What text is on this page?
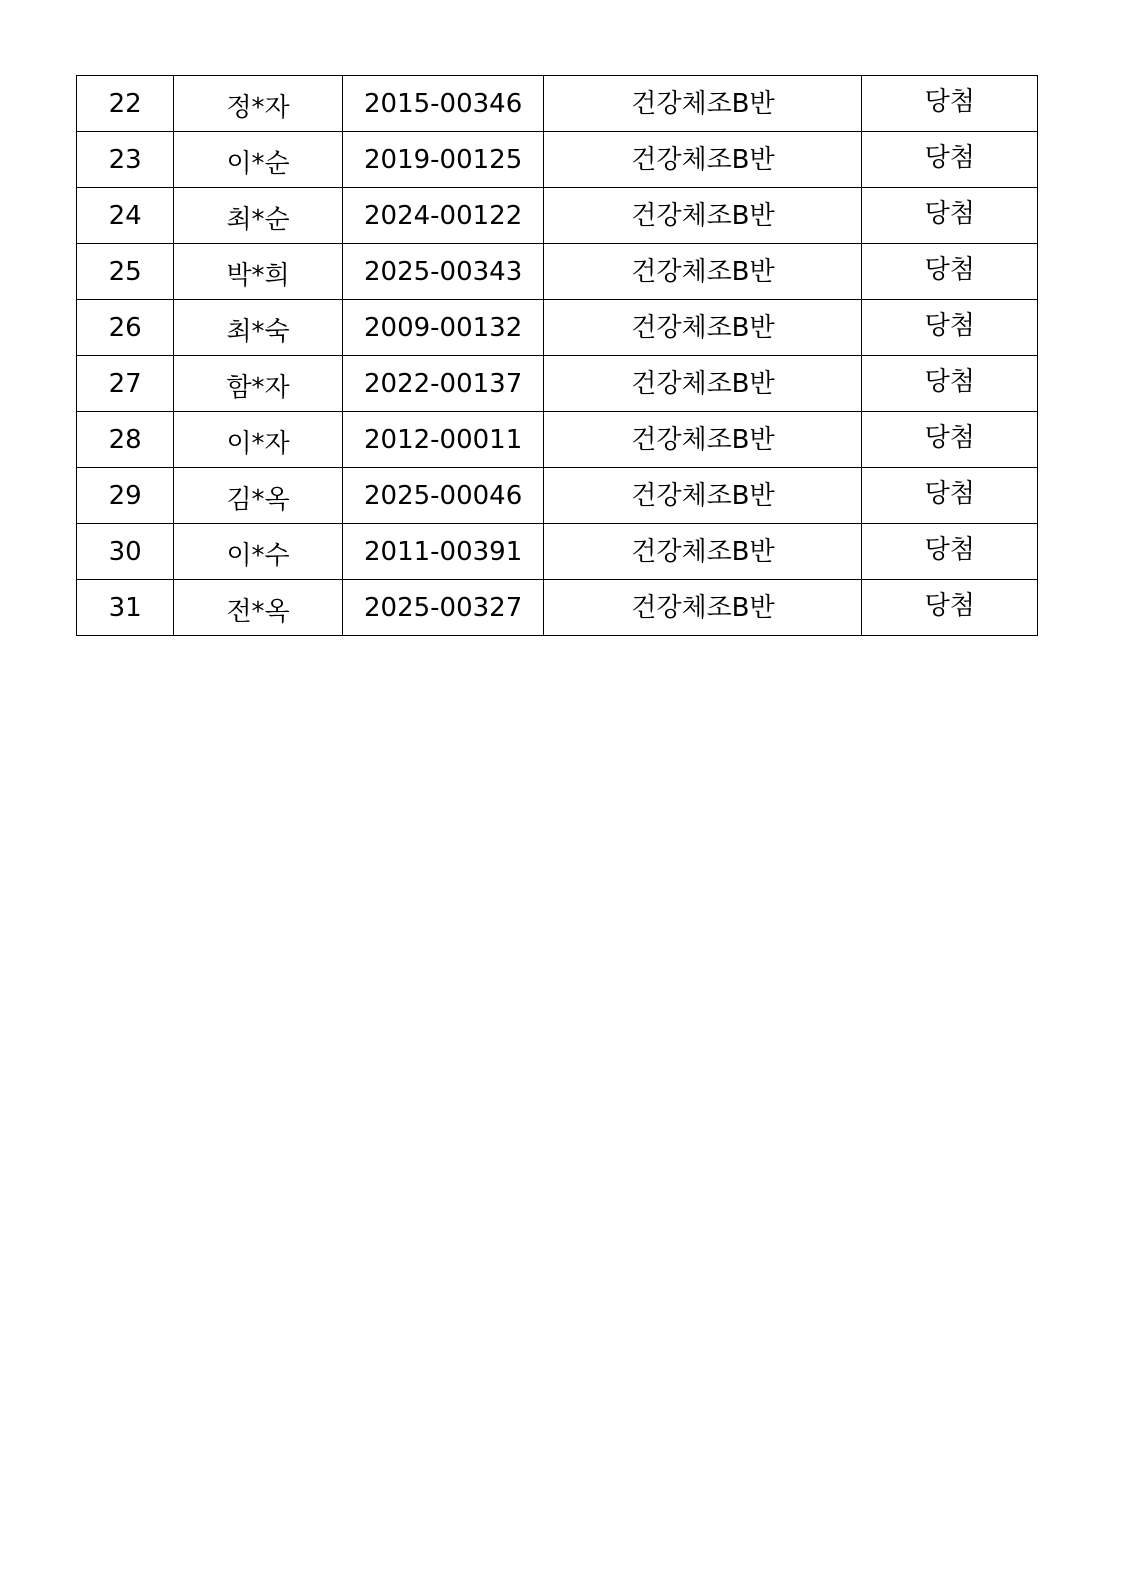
22	정*자	2015-00346	건강체조B반	당첨
23	이*순	2019-00125	건강체조B반	당첨
24	최*순	2024-00122	건강체조B반	당첨
25	박*희	2025-00343	건강체조B반	당첨
26	최*숙	2009-00132	건강체조B반	당첨
27	함*자	2022-00137	건강체조B반	당첨
28	이*자	2012-00011	건강체조B반	당첨
29	김*옥	2025-00046	건강체조B반	당첨
30	이*수	2011-00391	건강체조B반	당첨
31	전*옥	2025-00327	건강체조B반	당첨
